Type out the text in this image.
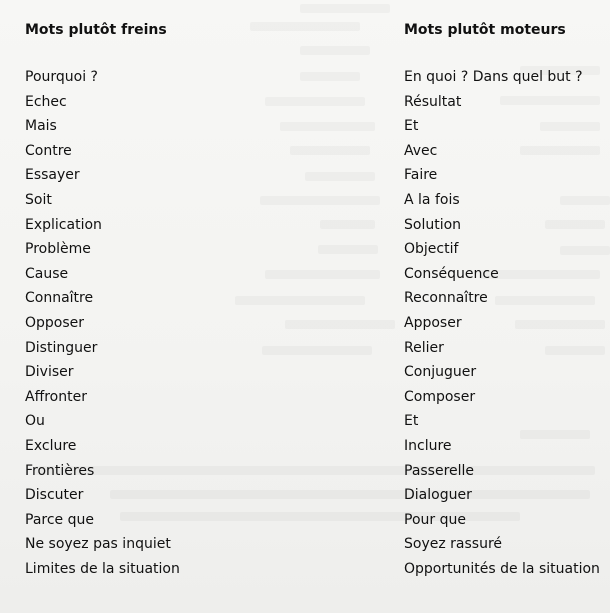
Mots plutôt freins
Pourquoi ?
Echec
Mais
Contre
Essayer
Soit
Explication
Problème
Cause
Connaître
Opposer
Distinguer
Diviser
Affronter
Ou
Exclure
Frontières
Discuter
Parce que
Ne soyez pas inquiet
Limites de la situation
Mots plutôt moteurs
En quoi ? Dans quel but ?
Résultat
Et
Avec
Faire
A la fois
Solution
Objectif
Conséquence
Reconnaître
Apposer
Relier
Conjuguer
Composer
Et
Inclure
Passerelle
Dialoguer
Pour que
Soyez rassuré
Opportunités de la situation
